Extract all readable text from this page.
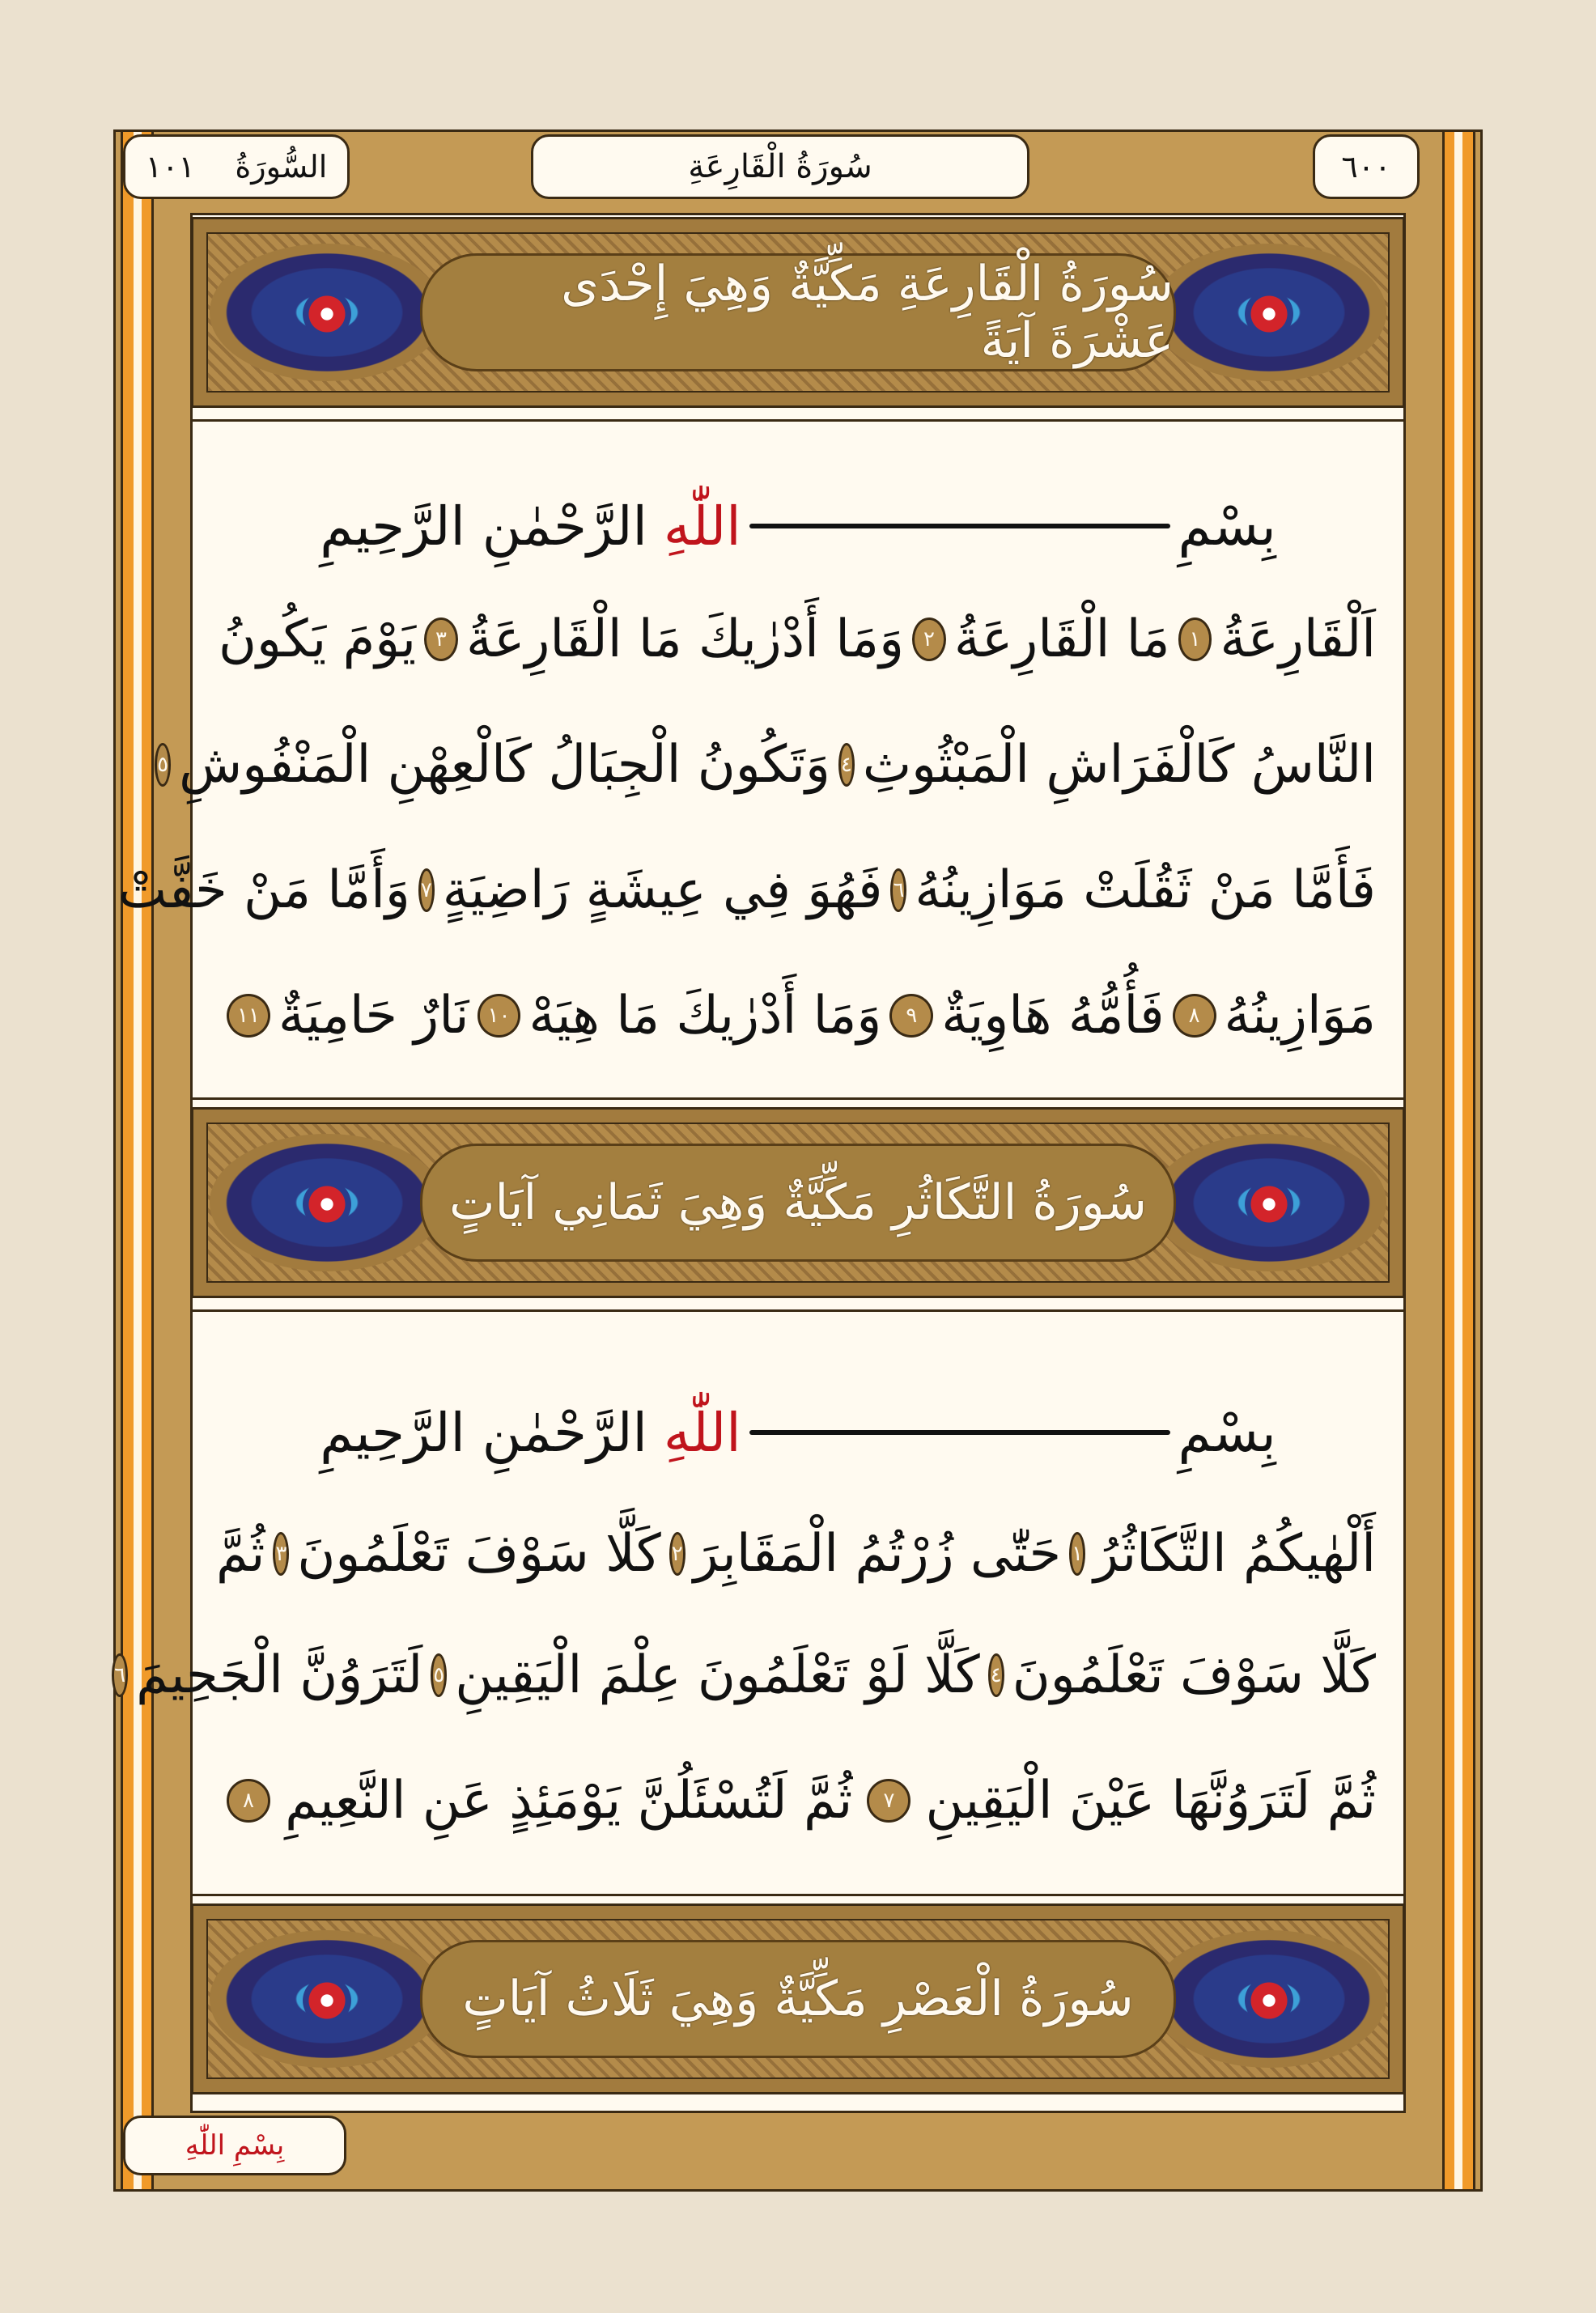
٦٠٠
سُورَةُ الْقَارِعَةِ
السُّورَةُ
١٠١
سُورَةُ الْقَارِعَةِ مَكِّيَّةٌ وَهِيَ إِحْدَى عَشْرَةَ آيَةً
بِسْمِ
اللّٰهِ
الرَّحْمٰنِ الرَّحِيمِ
اَلْقَارِعَةُ
١
مَا الْقَارِعَةُ
٢
وَمَا أَدْرٰيكَ مَا الْقَارِعَةُ
٣
يَوْمَ يَكُونُ
النَّاسُ كَالْفَرَاشِ الْمَبْثُوثِ
٤
وَتَكُونُ الْجِبَالُ كَالْعِهْنِ الْمَنْفُوشِ
٥
فَأَمَّا مَنْ ثَقُلَتْ مَوَازِينُهُ
٦
فَهُوَ فِي عِيشَةٍ رَاضِيَةٍ
٧
وَأَمَّا مَنْ خَفَّتْ
مَوَازِينُهُ
٨
فَأُمُّهُ هَاوِيَةٌ
٩
وَمَا أَدْرٰيكَ مَا هِيَهْ
١٠
نَارٌ حَامِيَةٌ
١١
سُورَةُ التَّكَاثُرِ مَكِّيَّةٌ وَهِيَ ثَمَانِي آيَاتٍ
بِسْمِ
اللّٰهِ
الرَّحْمٰنِ الرَّحِيمِ
أَلْهٰيكُمُ التَّكَاثُرُ
١
حَتّٰى زُرْتُمُ الْمَقَابِرَ
٢
كَلَّا سَوْفَ تَعْلَمُونَ
٣
ثُمَّ
كَلَّا سَوْفَ تَعْلَمُونَ
٤
كَلَّا لَوْ تَعْلَمُونَ عِلْمَ الْيَقِينِ
٥
لَتَرَوُنَّ الْجَحِيمَ
٦
ثُمَّ لَتَرَوُنَّهَا عَيْنَ الْيَقِينِ
٧
ثُمَّ لَتُسْئَلُنَّ يَوْمَئِذٍ عَنِ النَّعِيمِ
٨
سُورَةُ الْعَصْرِ مَكِّيَّةٌ وَهِيَ ثَلَاثُ آيَاتٍ
بِسْمِ اللّٰهِ
